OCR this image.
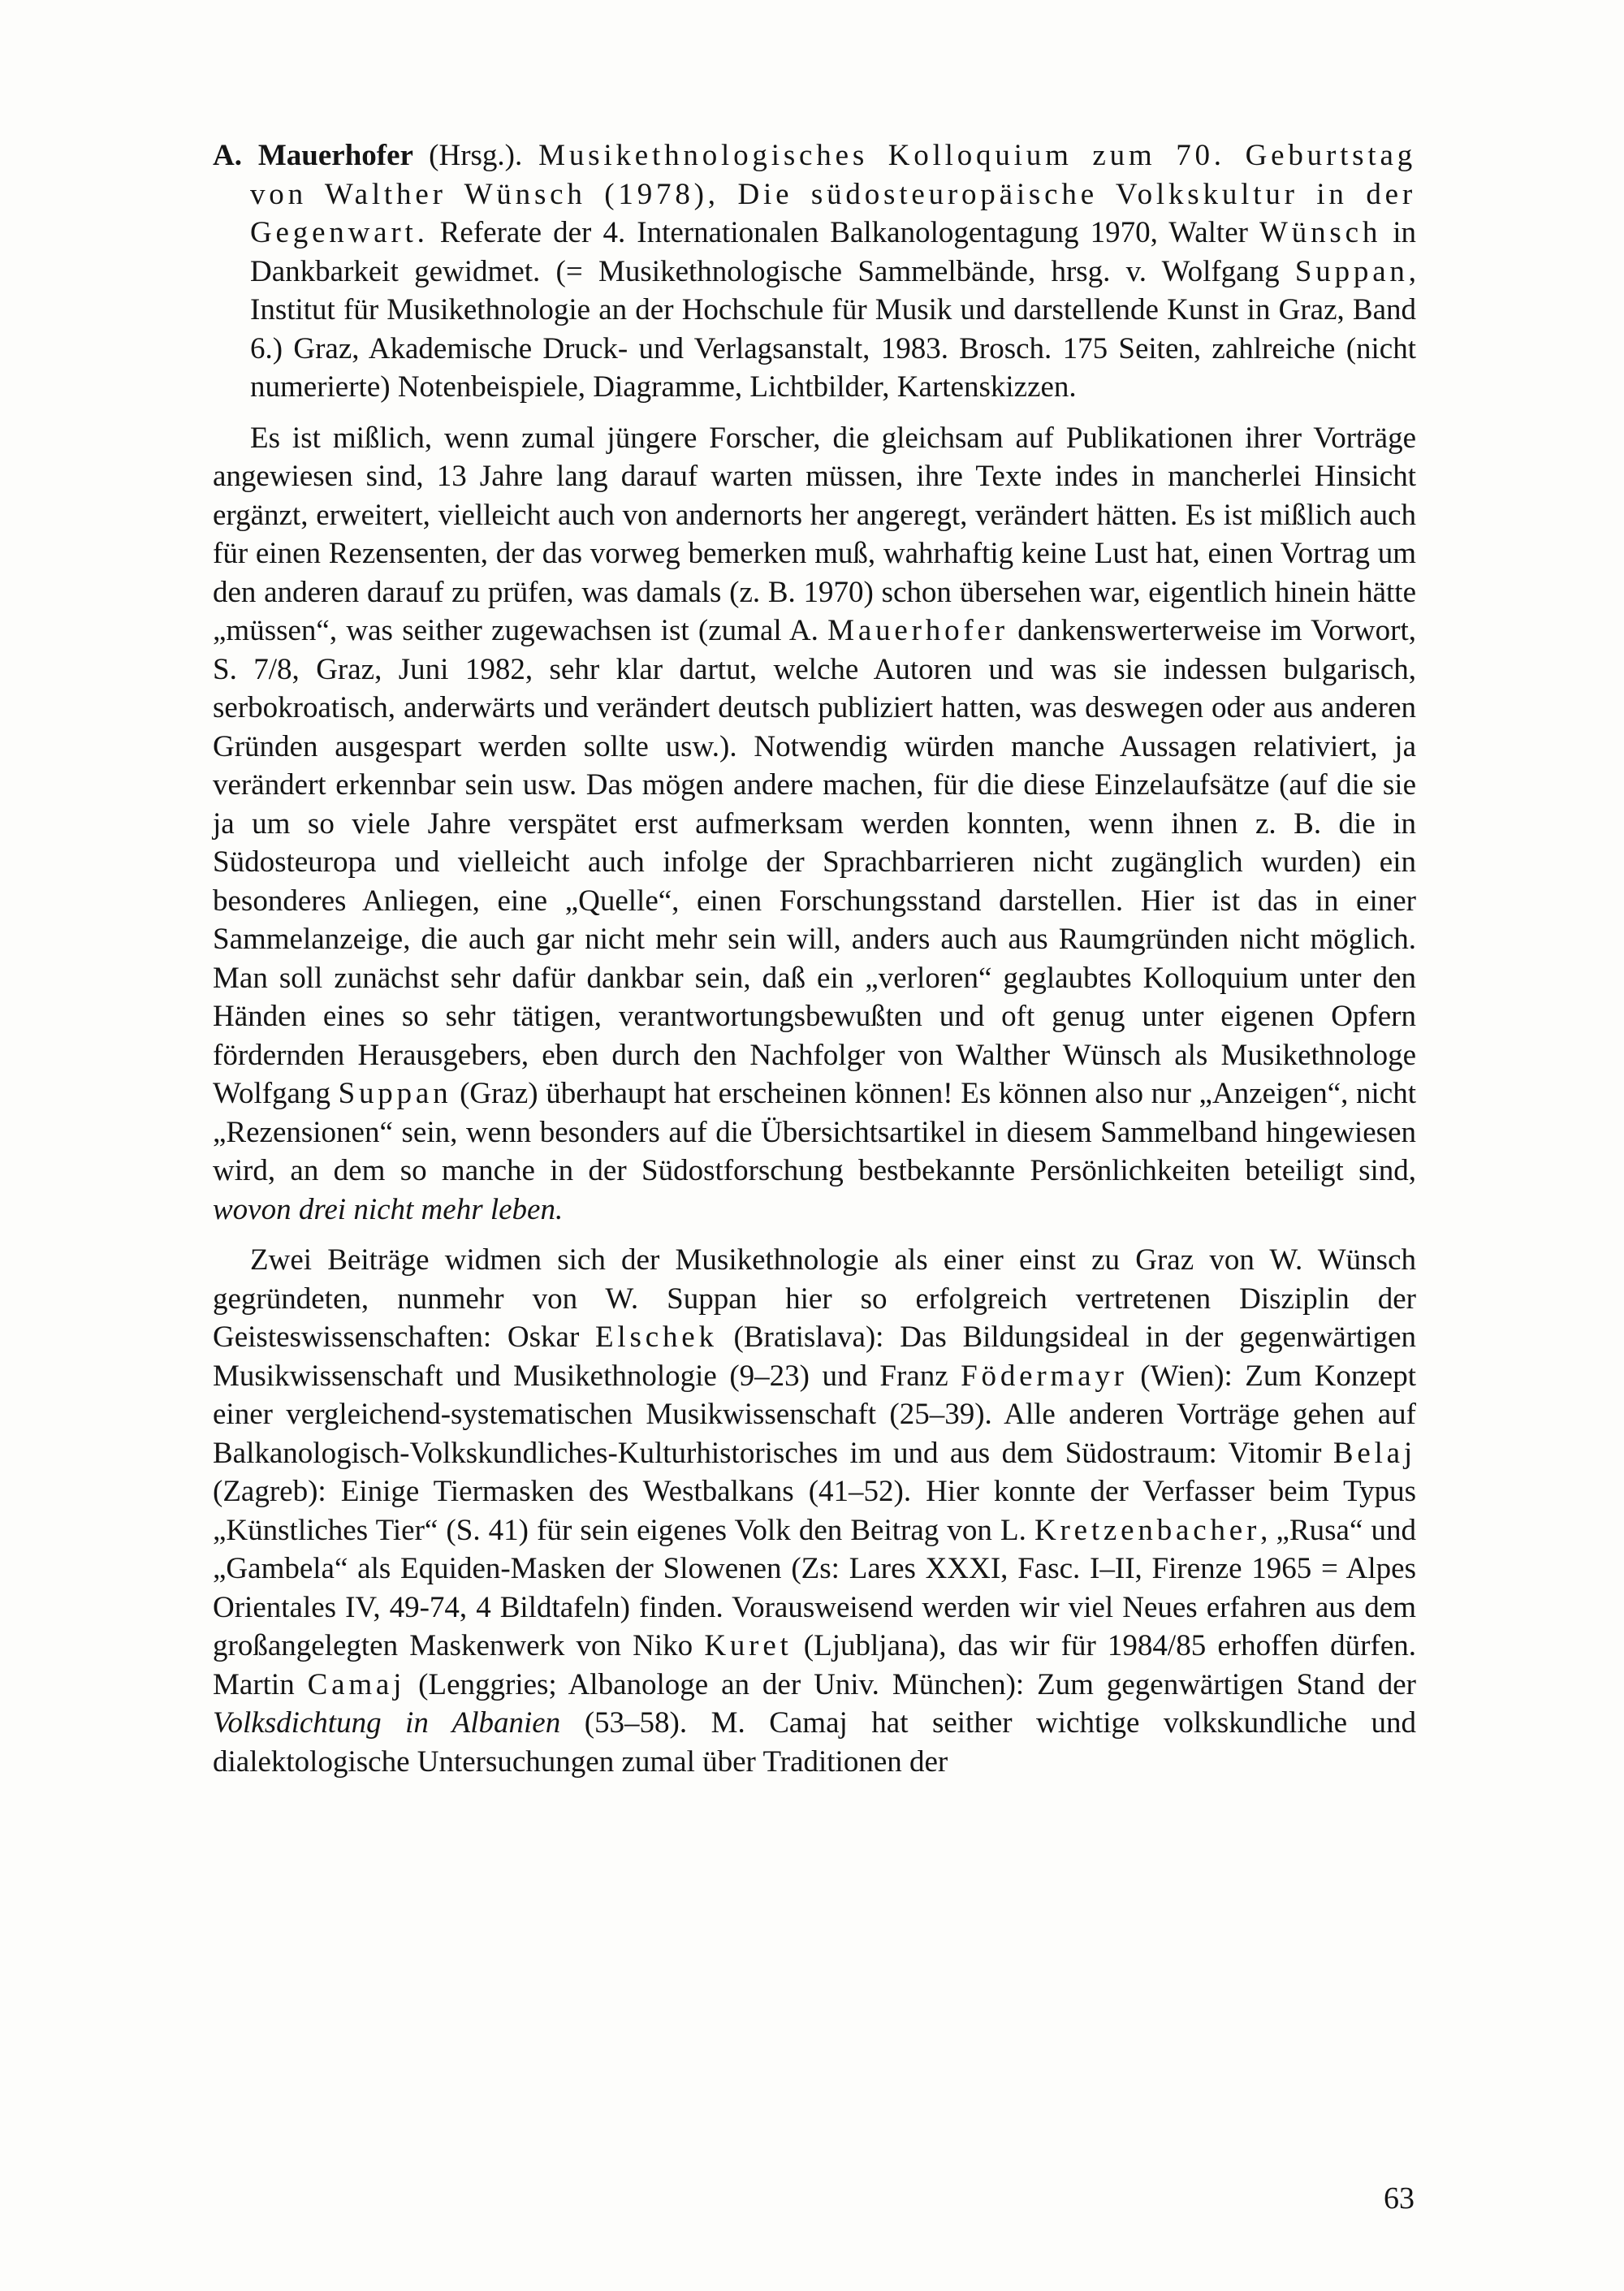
A. Mauerhofer (Hrsg.). Musikethnologisches Kolloquium zum 70. Geburtstag von Walther Wünsch (1978), Die südosteuropäische Volkskultur in der Gegenwart. Referate der 4. Internationalen Balkanologentagung 1970, Walter Wünsch in Dankbarkeit gewidmet. (= Musikethnologische Sammelbände, hrsg. v. Wolfgang Suppan, Institut für Musikethnologie an der Hochschule für Musik und darstellende Kunst in Graz, Band 6.) Graz, Akademische Druck- und Verlagsanstalt, 1983. Brosch. 175 Seiten, zahlreiche (nicht numerierte) Notenbeispiele, Diagramme, Lichtbilder, Kartenskizzen.

Es ist mißlich, wenn zumal jüngere Forscher, die gleichsam auf Publikationen ihrer Vorträge angewiesen sind, 13 Jahre lang darauf warten müssen, ihre Texte indes in mancherlei Hinsicht ergänzt, erweitert, vielleicht auch von andernorts her angeregt, verändert hätten. Es ist mißlich auch für einen Rezensenten, der das vorweg bemerken muß, wahrhaftig keine Lust hat, einen Vortrag um den anderen darauf zu prüfen, was damals (z. B. 1970) schon übersehen war, eigentlich hinein hätte „müssen“, was seither zugewachsen ist (zumal A. Mauerhofer dankenswerterweise im Vorwort, S. 7/8, Graz, Juni 1982, sehr klar dartut, welche Autoren und was sie indessen bulgarisch, serbokroatisch, anderwärts und verändert deutsch publiziert hatten, was deswegen oder aus anderen Gründen ausgespart werden sollte usw.). Notwendig würden manche Aussagen relativiert, ja verändert erkennbar sein usw. Das mögen andere machen, für die diese Einzelaufsätze (auf die sie ja um so viele Jahre verspätet erst aufmerksam werden konnten, wenn ihnen z. B. die in Südosteuropa und vielleicht auch infolge der Sprachbarrieren nicht zugänglich wurden) ein besonderes Anliegen, eine „Quelle“, einen Forschungsstand darstellen. Hier ist das in einer Sammelanzeige, die auch gar nicht mehr sein will, anders auch aus Raumgründen nicht möglich. Man soll zunächst sehr dafür dankbar sein, daß ein „verloren“ geglaubtes Kolloquium unter den Händen eines so sehr tätigen, verantwortungsbewußten und oft genug unter eigenen Opfern fördernden Herausgebers, eben durch den Nachfolger von Walther Wünsch als Musikethnologe Wolfgang Suppan (Graz) überhaupt hat erscheinen können! Es können also nur „Anzeigen“, nicht „Rezensionen“ sein, wenn besonders auf die Übersichtsartikel in diesem Sammelband hingewiesen wird, an dem so manche in der Südostforschung bestbekannte Persönlichkeiten beteiligt sind, wovon drei nicht mehr leben.

Zwei Beiträge widmen sich der Musikethnologie als einer einst zu Graz von W. Wünsch gegründeten, nunmehr von W. Suppan hier so erfolgreich vertretenen Disziplin der Geisteswissenschaften: Oskar Elschek (Bratislava): Das Bildungsideal in der gegenwärtigen Musikwissenschaft und Musikethnologie (9–23) und Franz Födermayr (Wien): Zum Konzept einer vergleichend-systematischen Musikwissenschaft (25–39). Alle anderen Vorträge gehen auf Balkanologisch-Volkskundliches-Kulturhistorisches im und aus dem Südostraum: Vitomir Belaj (Zagreb): Einige Tiermasken des Westbalkans (41–52). Hier konnte der Verfasser beim Typus „Künstliches Tier“ (S. 41) für sein eigenes Volk den Beitrag von L. Kretzenbacher, „Rusa“ und „Gambela“ als Equiden-Masken der Slowenen (Zs: Lares XXXI, Fasc. I–II, Firenze 1965 = Alpes Orientales IV, 49-74, 4 Bildtafeln) finden. Vorausweisend werden wir viel Neues erfahren aus dem großangelegten Maskenwerk von Niko Kuret (Ljubljana), das wir für 1984/85 erhoffen dürfen. Martin Camaj (Lenggries; Albanologe an der Univ. München): Zum gegenwärtigen Stand der Volksdichtung in Albanien (53–58). M. Camaj hat seither wichtige volkskundliche und dialektologische Untersuchungen zumal über Traditionen der

63
